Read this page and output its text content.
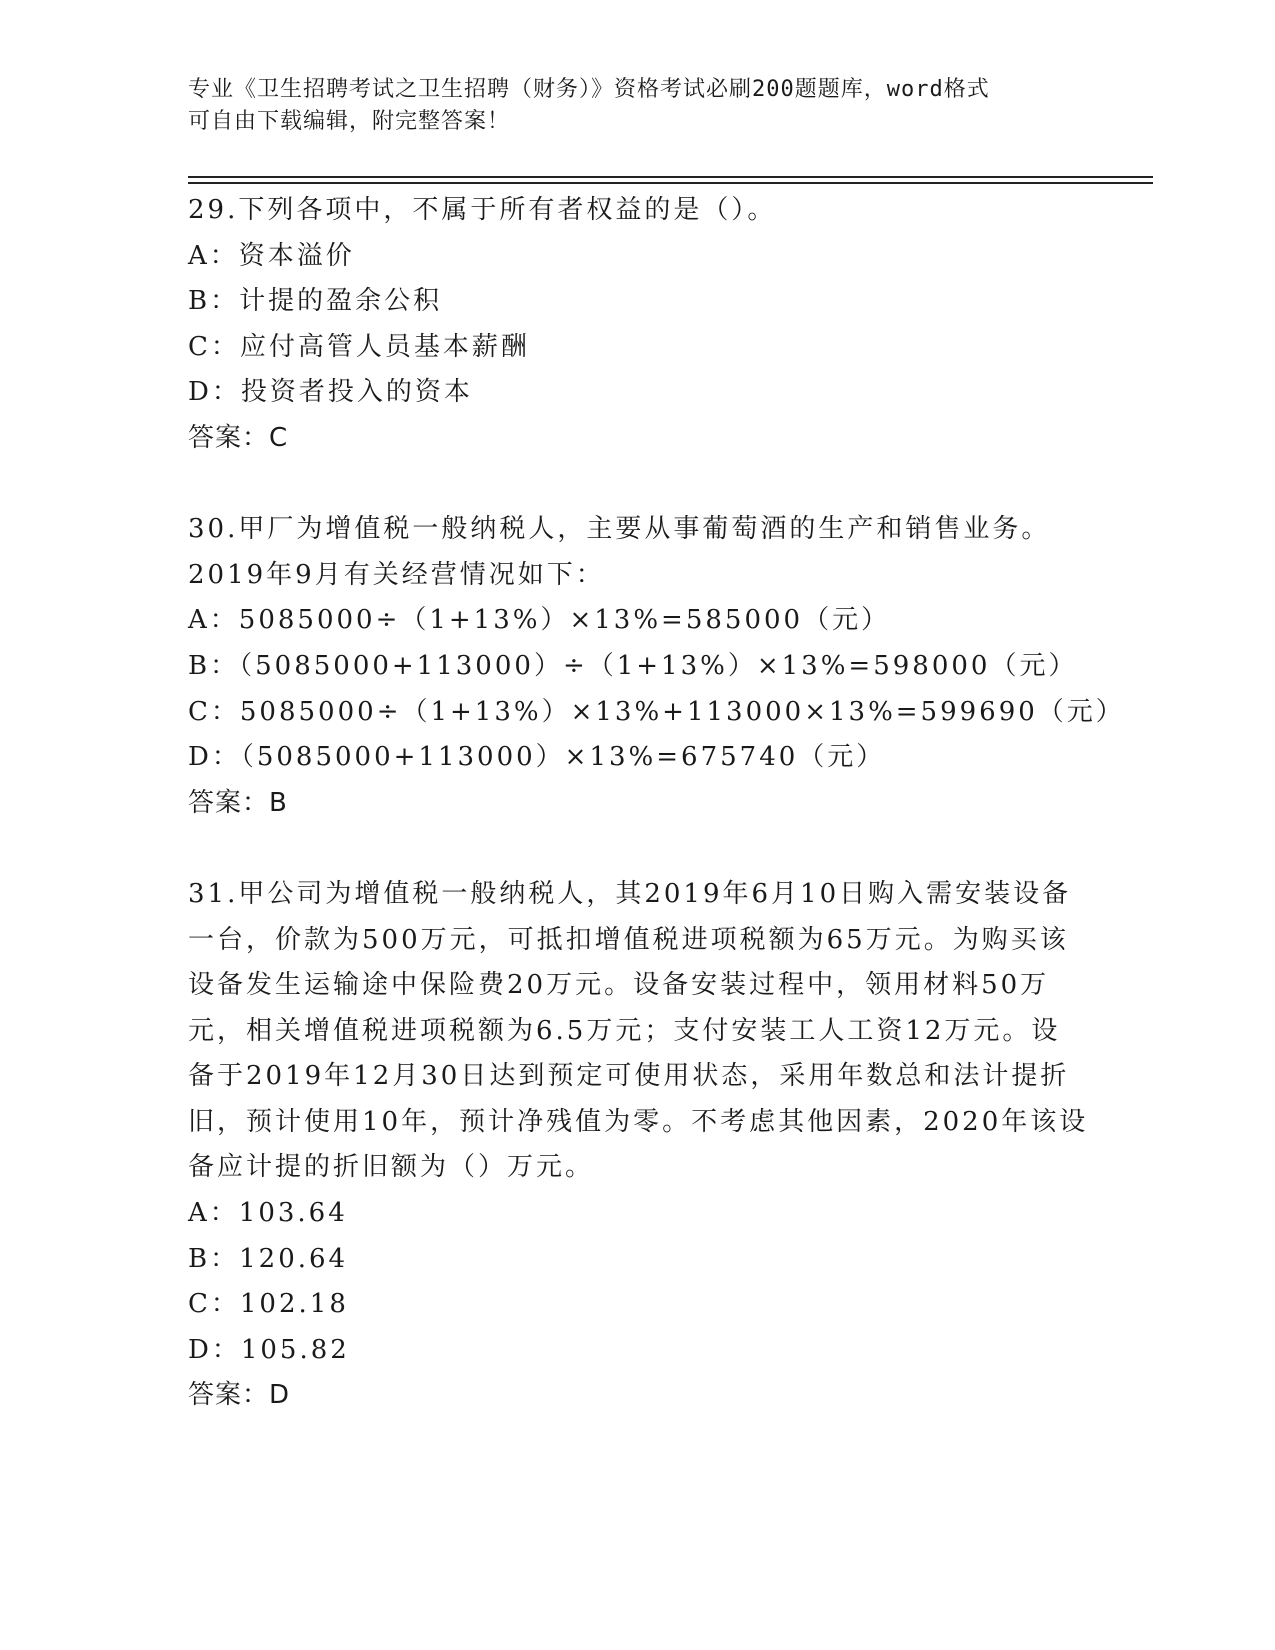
专业《卫生招聘考试之卫生招聘（财务）》资格考试必刷200题题库，word格式
可自由下载编辑，附完整答案！
29.下列各项中，不属于所有者权益的是（）。
A：资本溢价
B：计提的盈余公积
C：应付高管人员基本薪酬
D：投资者投入的资本
答案：C
30.甲厂为增值税一般纳税人，主要从事葡萄酒的生产和销售业务。
2019年9月有关经营情况如下：
A：5085000÷（1+13%）×13%=585000（元）
B：（5085000+113000）÷（1+13%）×13%=598000（元）
C：5085000÷（1+13%）×13%+113000×13%=599690（元）
D：（5085000+113000）×13%=675740（元）
答案：B
31.甲公司为增值税一般纳税人，其2019年6月10日购入需安装设备
一台，价款为500万元，可抵扣增值税进项税额为65万元。为购买该
设备发生运输途中保险费20万元。设备安装过程中，领用材料50万
元，相关增值税进项税额为6.5万元；支付安装工人工资12万元。设
备于2019年12月30日达到预定可使用状态，采用年数总和法计提折
旧，预计使用10年，预计净残值为零。不考虑其他因素，2020年该设
备应计提的折旧额为（）万元。
A：103.64
B：120.64
C：102.18
D：105.82
答案：D
